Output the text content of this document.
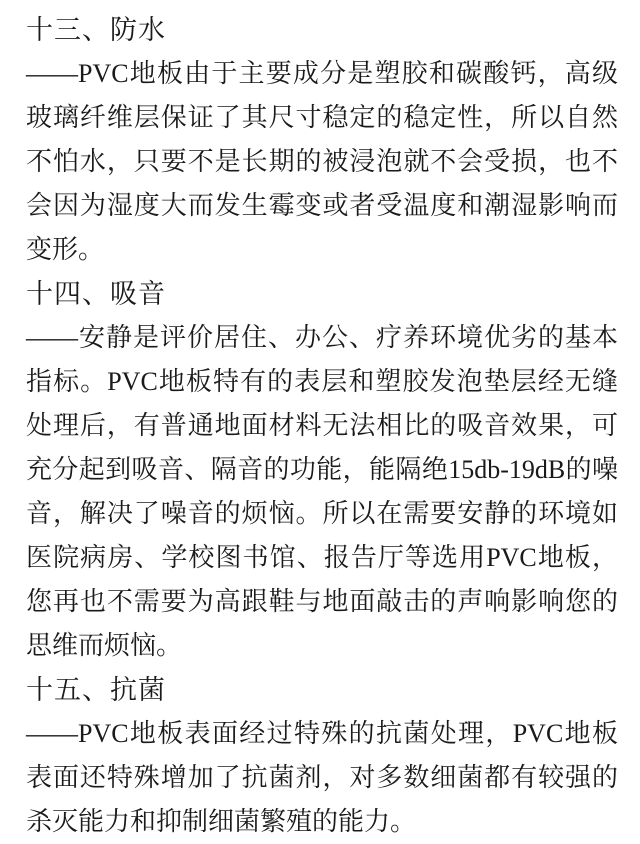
十三、防水
――PVC地板由于主要成分是塑胶和碳酸钙，高级玻璃纤维层保证了其尺寸稳定的稳定性，所以自然不怕水，只要不是长期的被浸泡就不会受损，也不会因为湿度大而发生霉变或者受温度和潮湿影响而变形。
十四、吸音
――安静是评价居住、办公、疗养环境优劣的基本指标。PVC地板特有的表层和塑胶发泡垫层经无缝处理后，有普通地面材料无法相比的吸音效果，可充分起到吸音、隔音的功能，能隔绝15db-19dB的噪音，解决了噪音的烦恼。所以在需要安静的环境如医院病房、学校图书馆、报告厅等选用PVC地板，您再也不需要为高跟鞋与地面敲击的声响影响您的思维而烦恼。
十五、抗菌
――PVC地板表面经过特殊的抗菌处理，PVC地板表面还特殊增加了抗菌剂，对多数细菌都有较强的杀灭能力和抑制细菌繁殖的能力。
